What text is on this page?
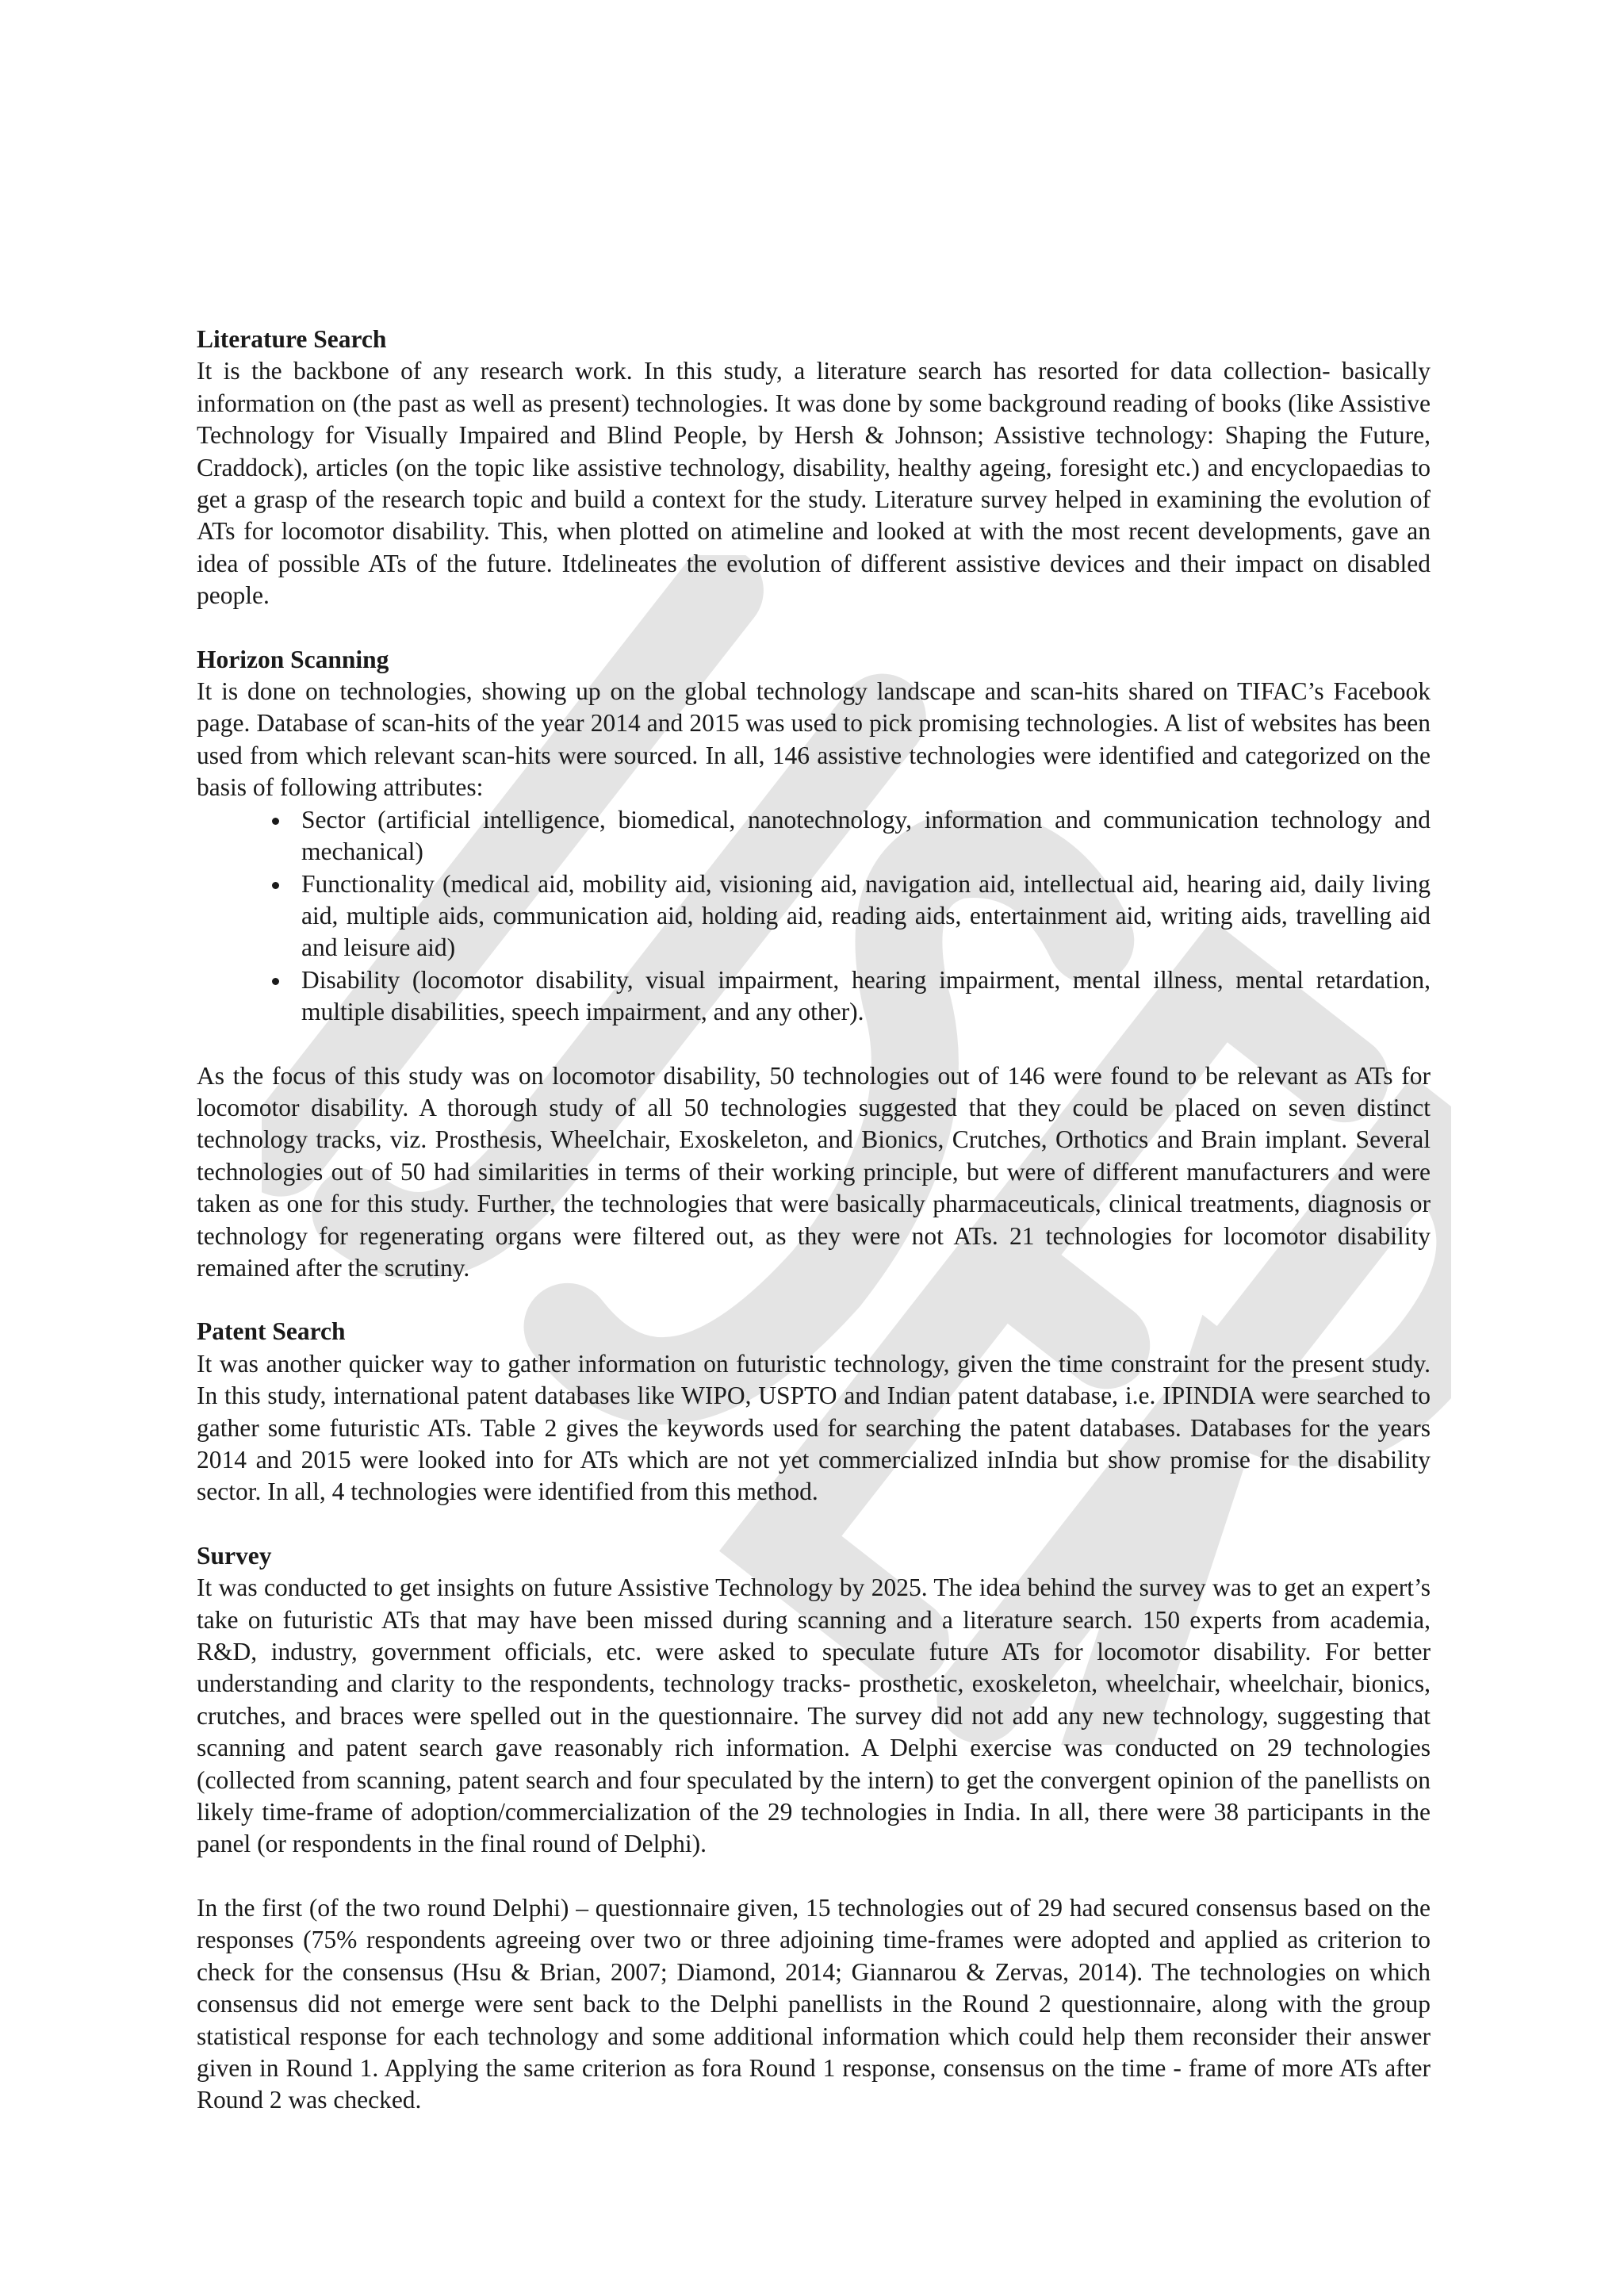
Literature Search

It is the backbone of any research work. In this study, a literature search has resorted for data collection- basically information on (the past as well as present) technologies. It was done by some background reading of books (like Assistive Technology for Visually Impaired and Blind People, by Hersh & Johnson; Assistive technology: Shaping the Future, Craddock), articles (on the topic like assistive technology, disability, healthy ageing, foresight etc.) and encyclopaedias to get a grasp of the research topic and build a context for the study. Literature survey helped in examining the evolution of ATs for locomotor disability. This, when plotted on atimeline and looked at with the most recent developments, gave an idea of possible ATs of the future. Itdelineates the evolution of different assistive devices and their impact on disabled people.

Horizon Scanning

It is done on technologies, showing up on the global technology landscape and scan-hits shared on TIFAC’s Facebook page. Database of scan-hits of the year 2014 and 2015 was used to pick promising technologies. A list of websites has been used from which relevant scan-hits were sourced. In all, 146 assistive technologies were identified and categorized on the basis of following attributes:

• Sector (artificial intelligence, biomedical, nanotechnology, information and communication technology and mechanical)
• Functionality (medical aid, mobility aid, visioning aid, navigation aid, intellectual aid, hearing aid, daily living aid, multiple aids, communication aid, holding aid, reading aids, entertainment aid, writing aids, travelling aid and leisure aid)
• Disability (locomotor disability, visual impairment, hearing impairment, mental illness, mental retardation, multiple disabilities, speech impairment, and any other).

As the focus of this study was on locomotor disability, 50 technologies out of 146 were found to be relevant as ATs for locomotor disability. A thorough study of all 50 technologies suggested that they could be placed on seven distinct technology tracks, viz. Prosthesis, Wheelchair, Exoskeleton, and Bionics, Crutches, Orthotics and Brain implant. Several technologies out of 50 had similarities in terms of their working principle, but were of different manufacturers and were taken as one for this study. Further, the technologies that were basically pharmaceuticals, clinical treatments, diagnosis or technology for regenerating organs were filtered out, as they were not ATs. 21 technologies for locomotor disability remained after the scrutiny.

Patent Search

It was another quicker way to gather information on futuristic technology, given the time constraint for the present study. In this study, international patent databases like WIPO, USPTO and Indian patent database, i.e. IPINDIA were searched to gather some futuristic ATs. Table 2 gives the keywords used for searching the patent databases. Databases for the years 2014 and 2015 were looked into for ATs which are not yet commercialized inIndia but show promise for the disability sector. In all, 4 technologies were identified from this method.

Survey

It was conducted to get insights on future Assistive Technology by 2025. The idea behind the survey was to get an expert’s take on futuristic ATs that may have been missed during scanning and a literature search. 150 experts from academia, R&D, industry, government officials, etc. were asked to speculate future ATs for locomotor disability. For better understanding and clarity to the respondents, technology tracks- prosthetic, exoskeleton, wheelchair, wheelchair, bionics, crutches, and braces were spelled out in the questionnaire. The survey did not add any new technology, suggesting that scanning and patent search gave reasonably rich information. A Delphi exercise was conducted on 29 technologies (collected from scanning, patent search and four speculated by the intern) to get the convergent opinion of the panellists on likely time-frame of adoption/commercialization of the 29 technologies in India. In all, there were 38 participants in the panel (or respondents in the final round of Delphi).

In the first (of the two round Delphi) – questionnaire given, 15 technologies out of 29 had secured consensus based on the responses (75% respondents agreeing over two or three adjoining time-frames were adopted and applied as criterion to check for the consensus (Hsu & Brian, 2007; Diamond, 2014; Giannarou & Zervas, 2014). The technologies on which consensus did not emerge were sent back to the Delphi panellists in the Round 2 questionnaire, along with the group statistical response for each technology and some additional information which could help them reconsider their answer given in Round 1. Applying the same criterion as fora Round 1 response, consensus on the time - frame of more ATs after Round 2 was checked.
